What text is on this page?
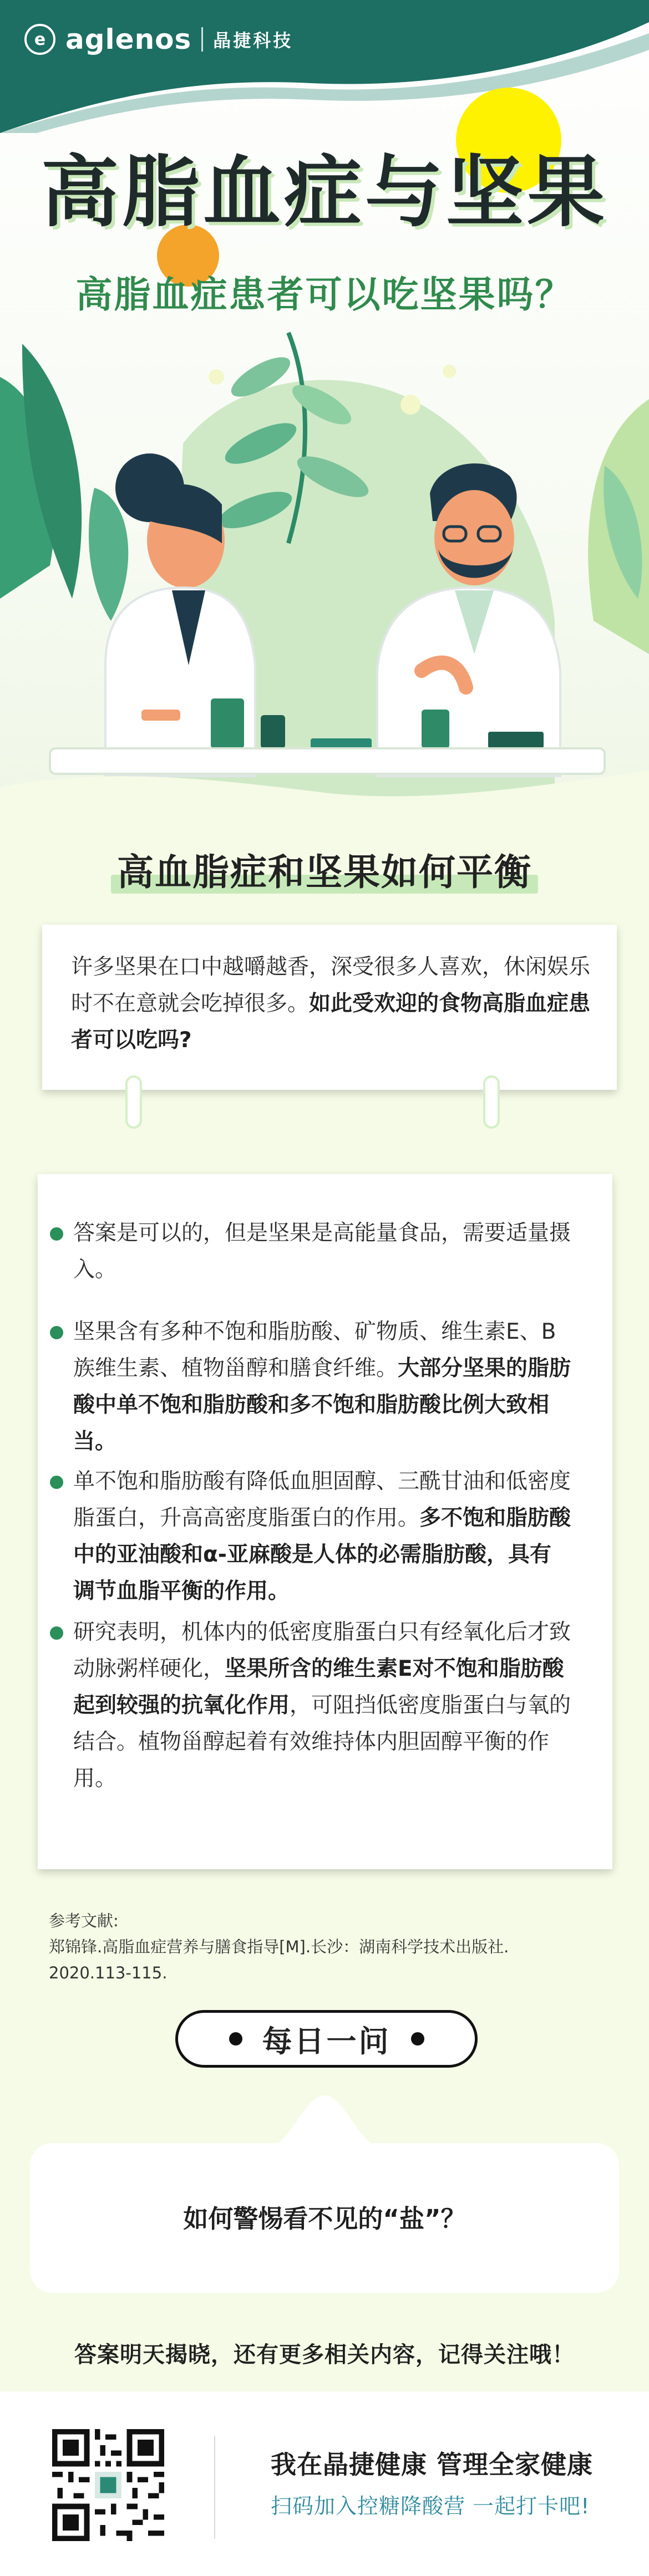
e aglenos 晶捷科技
高脂血症与坚果
高脂血症患者可以吃坚果吗？
高血脂症和坚果如何平衡
许多坚果在口中越嚼越香，深受很多人喜欢，休闲娱乐时不在意就会吃掉很多。如此受欢迎的食物高脂血症患者可以吃吗?
答案是可以的，但是坚果是高能量食品，需要适量摄入。
坚果含有多种不饱和脂肪酸、矿物质、维生素E、B族维生素、植物甾醇和膳食纤维。大部分坚果的脂肪酸中单不饱和脂肪酸和多不饱和脂肪酸比例大致相当。
单不饱和脂肪酸有降低血胆固醇、三酰甘油和低密度脂蛋白，升高高密度脂蛋白的作用。多不饱和脂肪酸中的亚油酸和α-亚麻酸是人体的必需脂肪酸，具有调节血脂平衡的作用。
研究表明，机体内的低密度脂蛋白只有经氧化后才致动脉粥样硬化，坚果所含的维生素E对不饱和脂肪酸起到较强的抗氧化作用，可阻挡低密度脂蛋白与氧的结合。植物甾醇起着有效维持体内胆固醇平衡的作用。
参考文献:
郑锦锋.高脂血症营养与膳食指导[M].长沙：湖南科学技术出版社.
2020.113-115.
每日一问
如何警惕看不见的“盐”？
答案明天揭晓，还有更多相关内容，记得关注哦！
我在晶捷健康 管理全家健康
扫码加入控糖降酸营 一起打卡吧!
